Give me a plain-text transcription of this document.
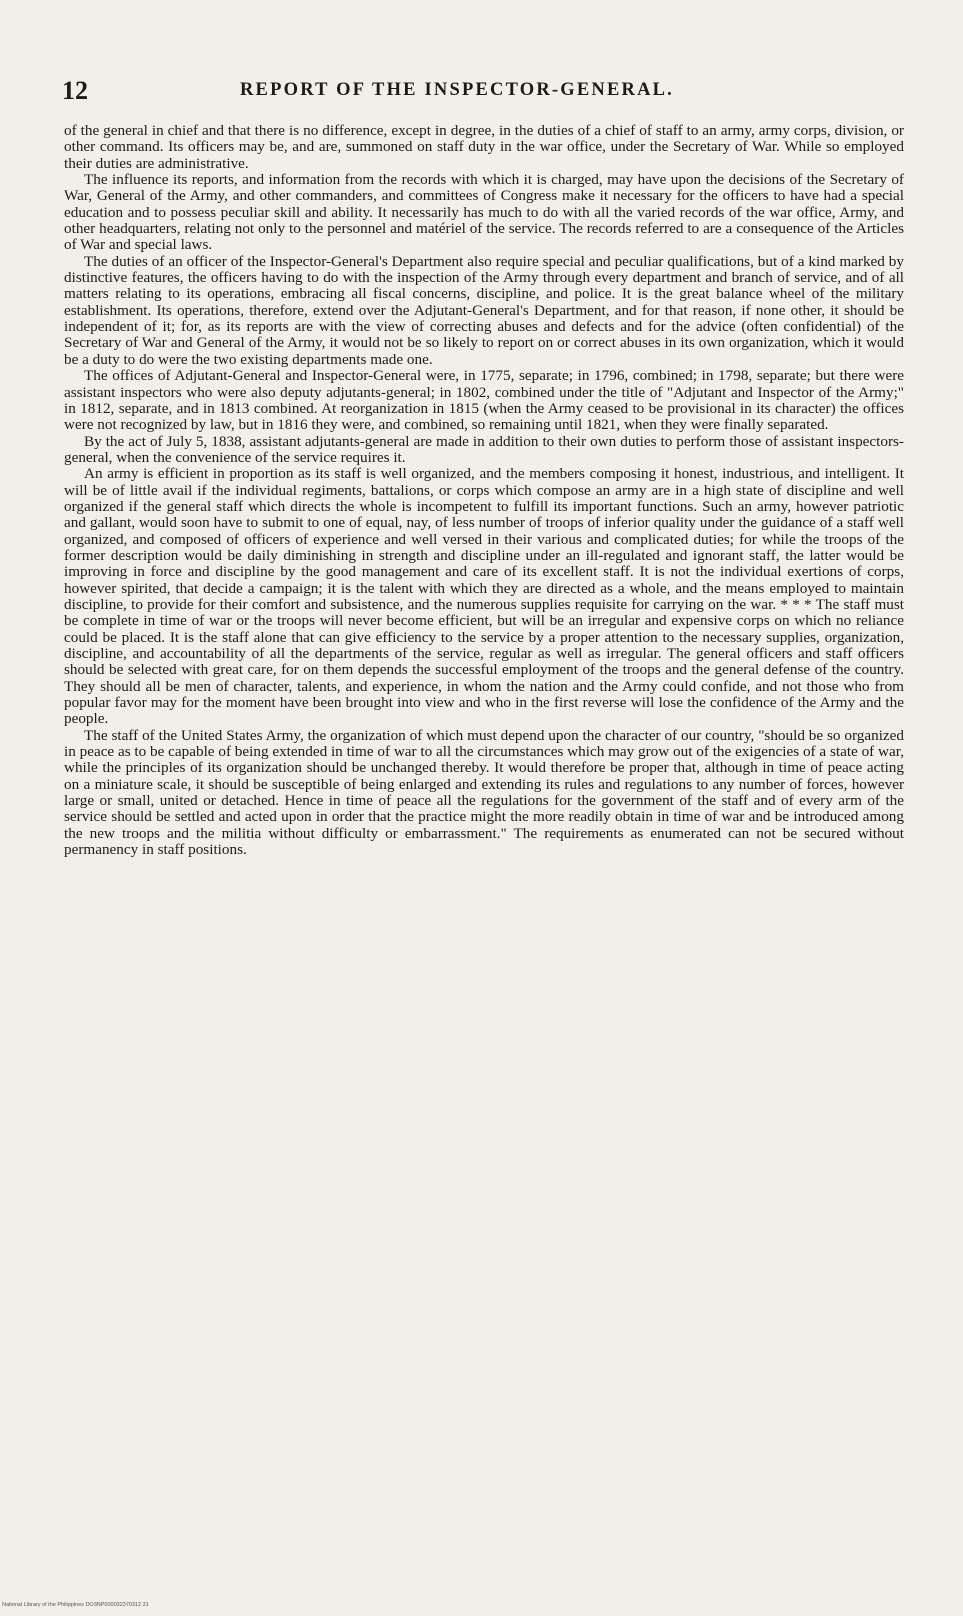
12	REPORT OF THE INSPECTOR-GENERAL.

of the general in chief and that there is no difference, except in degree, in the duties of a chief of staff to an army, army corps, division, or other command. Its officers may be, and are, summoned on staff duty in the war office, under the Secretary of War. While so employed their duties are administrative.

The influence its reports, and information from the records with which it is charged, may have upon the decisions of the Secretary of War, General of the Army, and other commanders, and committees of Congress make it necessary for the officers to have had a special education and to possess peculiar skill and ability. It necessarily has much to do with all the varied records of the war office, Army, and other headquarters, relating not only to the personnel and matériel of the service. The records referred to are a consequence of the Articles of War and special laws.

The duties of an officer of the Inspector-General's Department also require special and peculiar qualifications, but of a kind marked by distinctive features, the officers having to do with the inspection of the Army through every department and branch of service, and of all matters relating to its operations, embracing all fiscal concerns, discipline, and police. It is the great balance wheel of the military establishment. Its operations, therefore, extend over the Adjutant-General's Department, and for that reason, if none other, it should be independent of it; for, as its reports are with the view of correcting abuses and defects and for the advice (often confidential) of the Secretary of War and General of the Army, it would not be so likely to report on or correct abuses in its own organization, which it would be a duty to do were the two existing departments made one.

The offices of Adjutant-General and Inspector-General were, in 1775, separate; in 1796, combined; in 1798, separate; but there were assistant inspectors who were also deputy adjutants-general; in 1802, combined under the title of "Adjutant and Inspector of the Army;" in 1812, separate, and in 1813 combined. At reorganization in 1815 (when the Army ceased to be provisional in its character) the offices were not recognized by law, but in 1816 they were, and combined, so remaining until 1821, when they were finally separated.

By the act of July 5, 1838, assistant adjutants-general are made in addition to their own duties to perform those of assistant inspectors-general, when the convenience of the service requires it.

An army is efficient in proportion as its staff is well organized, and the members composing it honest, industrious, and intelligent. It will be of little avail if the individual regiments, battalions, or corps which compose an army are in a high state of discipline and well organized if the general staff which directs the whole is incompetent to fulfill its important functions. Such an army, however patriotic and gallant, would soon have to submit to one of equal, nay, of less number of troops of inferior quality under the guidance of a staff well organized, and composed of officers of experience and well versed in their various and complicated duties; for while the troops of the former description would be daily diminishing in strength and discipline under an ill-regulated and ignorant staff, the latter would be improving in force and discipline by the good management and care of its excellent staff. It is not the individual exertions of corps, however spirited, that decide a campaign; it is the talent with which they are directed as a whole, and the means employed to maintain discipline, to provide for their comfort and subsistence, and the numerous supplies requisite for carrying on the war. * * * The staff must be complete in time of war or the troops will never become efficient, but will be an irregular and expensive corps on which no reliance could be placed. It is the staff alone that can give efficiency to the service by a proper attention to the necessary supplies, organization, discipline, and accountability of all the departments of the service, regular as well as irregular. The general officers and staff officers should be selected with great care, for on them depends the successful employment of the troops and the general defense of the country. They should all be men of character, talents, and experience, in whom the nation and the Army could confide, and not those who from popular favor may for the moment have been brought into view and who in the first reverse will lose the confidence of the Army and the people.

The staff of the United States Army, the organization of which must depend upon the character of our country, "should be so organized in peace as to be capable of being extended in time of war to all the circumstances which may grow out of the exigencies of a state of war, while the principles of its organization should be unchanged thereby. It would therefore be proper that, although in time of peace acting on a miniature scale, it should be susceptible of being enlarged and extending its rules and regulations to any number of forces, however large or small, united or detached. Hence in time of peace all the regulations for the government of the staff and of every arm of the service should be settled and acted upon in order that the practice might the more readily obtain in time of war and be introduced among the new troops and the militia without difficulty or embarrassment." The requirements as enumerated can not be secured without permanency in staff positions.

National Library of the Philippines DO3NP000032370312 31
